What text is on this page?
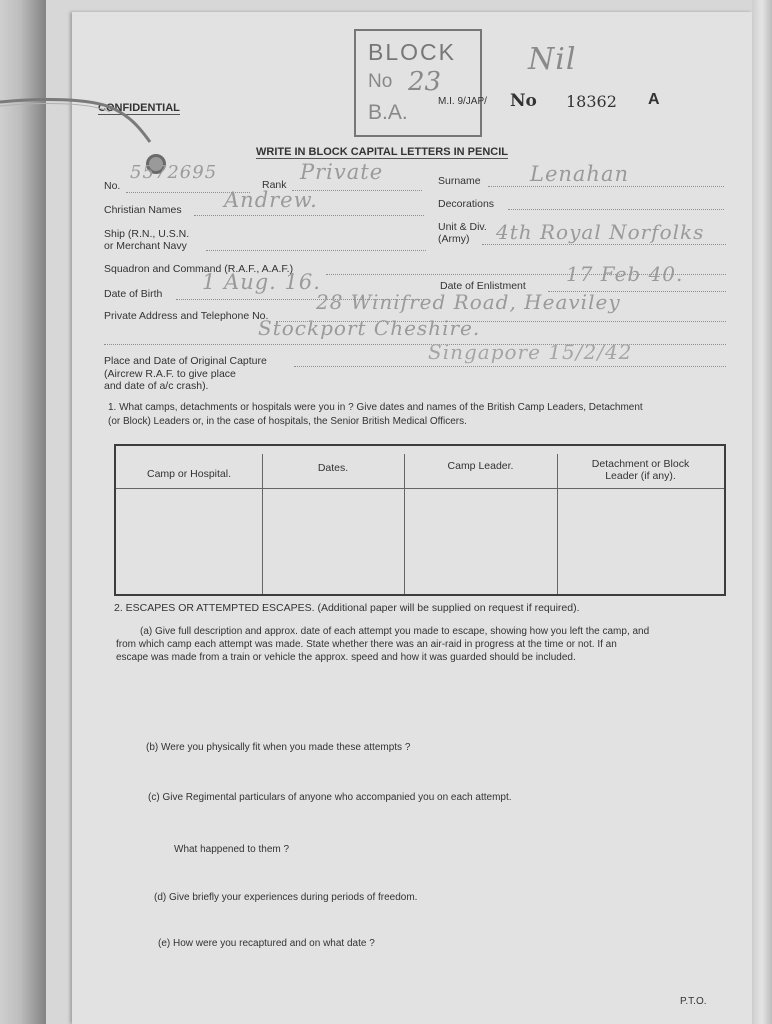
CONFIDENTIAL
BLOCK
No 23
B.A.
Nil
M.I. 9/JAP/ No 18362 A
WRITE IN BLOCK CAPITAL LETTERS IN PENCIL
No.
5572695
Rank
Private	Surname Lenahan
Christian Names Andrew.	Decorations
Ship (R.N., U.S.N.
or Merchant Navy
Unit & Div.
(Army) 4th Royal Norfolks
Squadron and Command (R.A.F., A.A.F.)
Date of Birth 1 Aug. 16.	Date of Enlistment 17 Feb 40.
Private Address and Telephone No.
28 Winifred Road, Heaviley
Stockport Cheshire.
Place and Date of Original Capture
(Aircrew R.A.F. to give place
and date of a/c crash).
Singapore 15/2/42
1. What camps, detachments or hospitals were you in ? Give dates and names of the British Camp Leaders, Detachment
(or Block) Leaders or, in the case of hospitals, the Senior British Medical Officers.
Camp or Hospital.	Dates.	Camp Leader.	Detachment or Block
Leader (if any).
2. ESCAPES OR ATTEMPTED ESCAPES. (Additional paper will be supplied on request if required).
(a) Give full description and approx. date of each attempt you made to escape, showing how you left the camp, and
from which camp each attempt was made. State whether there was an air-raid in progress at the time or not. If an
escape was made from a train or vehicle the approx. speed and how it was guarded should be included.
(b) Were you physically fit when you made these attempts ?
(c) Give Regimental particulars of anyone who accompanied you on each attempt.
What happened to them ?
(d) Give briefly your experiences during periods of freedom.
(e) How were you recaptured and on what date ?
P.T.O.
